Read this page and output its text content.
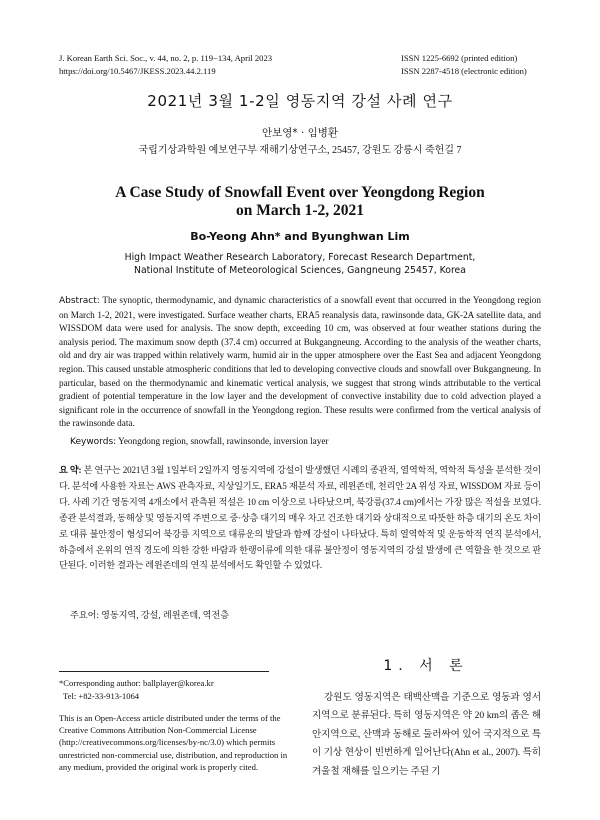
J. Korean Earth Sci. Soc., v. 44, no. 2, p. 119−134, April 2023
https://doi.org/10.5467/JKESS.2023.44.2.119
ISSN 1225-6692 (printed edition)
ISSN 2287-4518 (electronic edition)
2021년 3월 1-2일 영동지역 강설 사례 연구
안보영* · 임병환
국립기상과학원 예보연구부 재해기상연구소, 25457, 강원도 강릉시 죽헌길 7
A Case Study of Snowfall Event over Yeongdong Region
on March 1-2, 2021
Bo-Yeong Ahn* and Byunghwan Lim
High Impact Weather Research Laboratory, Forecast Research Department,
National Institute of Meteorological Sciences, Gangneung 25457, Korea
Abstract: The synoptic, thermodynamic, and dynamic characteristics of a snowfall event that occurred in the Yeongdong region on March 1-2, 2021, were investigated. Surface weather charts, ERA5 reanalysis data, rawinsonde data, GK-2A satellite data, and WISSDOM data were used for analysis. The snow depth, exceeding 10 cm, was observed at four weather stations during the analysis period. The maximum snow depth (37.4 cm) occurred at Bukgangneung. According to the analysis of the weather charts, old and dry air was trapped within relatively warm, humid air in the upper atmosphere over the East Sea and adjacent Yeongdong region. This caused unstable atmospheric conditions that led to developing convective clouds and snowfall over Bukgangneung. In particular, based on the thermodynamic and kinematic vertical analysis, we suggest that strong winds attributable to the vertical gradient of potential temperature in the low layer and the development of convective instability due to cold advection played a significant role in the occurrence of snowfall in the Yeongdong region. These results were confirmed from the vertical analysis of the rawinsonde data.
Keywords: Yeongdong region, snowfall, rawinsonde, inversion layer
요 약: 본 연구는 2021년 3월 1일부터 2일까지 영동지역에 강설이 발생했던 시례의 종관적, 열역학적, 역학적 특성을 분석한 것이다. 분석에 사용한 자료는 AWS 관측자료, 지상일기도, ERA5 재분석 자료, 레윈존데, 천리안 2A 위성 자료, WISSDOM 자료 등이다. 사례 기간 영동지역 4개소에서 관측된 적설은 10 cm 이상으로 나타났으며, 북강릉(37.4 cm)에서는 가장 많은 적설을 보였다. 종관 분석결과, 동해상 및 영동지역 주변으로 중·상층 대기의 매우 차고 건조한 대기와 상대적으로 따뜻한 하층 대기의 온도 차이로 대류 불안정이 형성되어 북강릉 지역으로 대류운의 발달과 함께 강설이 나타났다. 특히 열역학적 및 운동학적 연직 분석에서, 하층에서 온위의 연직 경도에 의한 강한 바람과 한랭이류에 의한 대류 불안정이 영동지역의 강설 발생에 큰 역할을 한 것으로 판단된다. 이러한 결과는 레윈존데의 연직 분석에서도 확인할 수 있었다.
주요어: 영동지역, 강설, 레윈존데, 역전층
1. 서 론
강원도 영동지역은 태백산맥을 기준으로 영동과 영서 지역으로 분류된다. 특히 영동지역은 약 20 km의 좁은 해안지역으로, 산맥과 동해로 둘러싸여 있어 국지적으로 특이 기상 현상이 빈번하게 일어난다(Ahn et al., 2007). 특히 겨울철 재해를 일으키는 주된 기
*Corresponding author: ballplayer@korea.kr
Tel: +82-33-913-1064
This is an Open-Access article distributed under the terms of the Creative Commons Attribution Non-Commercial License (http://creativecommons.org/licenses/by-nc/3.0) which permits unrestricted non-commercial use, distribution, and reproduction in any medium, provided the original work is properly cited.
